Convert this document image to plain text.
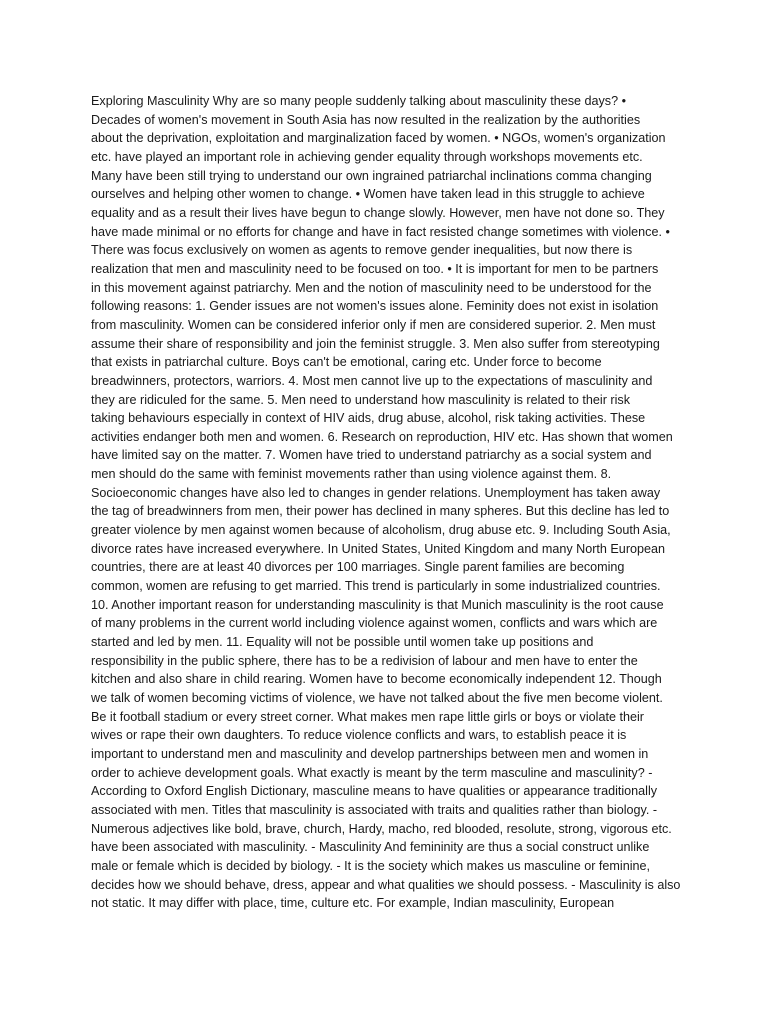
Exploring Masculinity Why are so many people suddenly talking about masculinity these days? •
Decades of women's movement in South Asia has now resulted in the realization by the authorities
about the deprivation, exploitation and marginalization faced by women. • NGOs, women's organization
etc. have played an important role in achieving gender equality through workshops movements etc.
Many have been still trying to understand our own ingrained patriarchal inclinations comma changing
ourselves and helping other women to change. • Women have taken lead in this struggle to achieve
equality and as a result their lives have begun to change slowly. However, men have not done so. They
have made minimal or no efforts for change and have in fact resisted change sometimes with violence. •
There was focus exclusively on women as agents to remove gender inequalities, but now there is
realization that men and masculinity need to be focused on too. • It is important for men to be partners
in this movement against patriarchy. Men and the notion of masculinity need to be understood for the
following reasons: 1. Gender issues are not women's issues alone. Feminity does not exist in isolation
from masculinity. Women can be considered inferior only if men are considered superior. 2. Men must
assume their share of responsibility and join the feminist struggle. 3. Men also suffer from stereotyping
that exists in patriarchal culture. Boys can't be emotional, caring etc. Under force to become
breadwinners, protectors, warriors. 4. Most men cannot live up to the expectations of masculinity and
they are ridiculed for the same. 5. Men need to understand how masculinity is related to their risk
taking behaviours especially in context of HIV aids, drug abuse, alcohol, risk taking activities. These
activities endanger both men and women. 6. Research on reproduction, HIV etc. Has shown that women
have limited say on the matter. 7. Women have tried to understand patriarchy as a social system and
men should do the same with feminist movements rather than using violence against them. 8.
Socioeconomic changes have also led to changes in gender relations. Unemployment has taken away
the tag of breadwinners from men, their power has declined in many spheres. But this decline has led to
greater violence by men against women because of alcoholism, drug abuse etc. 9. Including South Asia,
divorce rates have increased everywhere. In United States, United Kingdom and many North European
countries, there are at least 40 divorces per 100 marriages. Single parent families are becoming
common, women are refusing to get married. This trend is particularly in some industrialized countries.
10. Another important reason for understanding masculinity is that Munich masculinity is the root cause
of many problems in the current world including violence against women, conflicts and wars which are
started and led by men. 11. Equality will not be possible until women take up positions and
responsibility in the public sphere, there has to be a redivision of labour and men have to enter the
kitchen and also share in child rearing. Women have to become economically independent 12. Though
we talk of women becoming victims of violence, we have not talked about the five men become violent.
Be it football stadium or every street corner. What makes men rape little girls or boys or violate their
wives or rape their own daughters. To reduce violence conflicts and wars, to establish peace it is
important to understand men and masculinity and develop partnerships between men and women in
order to achieve development goals. What exactly is meant by the term masculine and masculinity? -
According to Oxford English Dictionary, masculine means to have qualities or appearance traditionally
associated with men. Titles that masculinity is associated with traits and qualities rather than biology. -
Numerous adjectives like bold, brave, church, Hardy, macho, red blooded, resolute, strong, vigorous etc.
have been associated with masculinity. - Masculinity And femininity are thus a social construct unlike
male or female which is decided by biology. - It is the society which makes us masculine or feminine,
decides how we should behave, dress, appear and what qualities we should possess. - Masculinity is also
not static. It may differ with place, time, culture etc. For example, Indian masculinity, European
